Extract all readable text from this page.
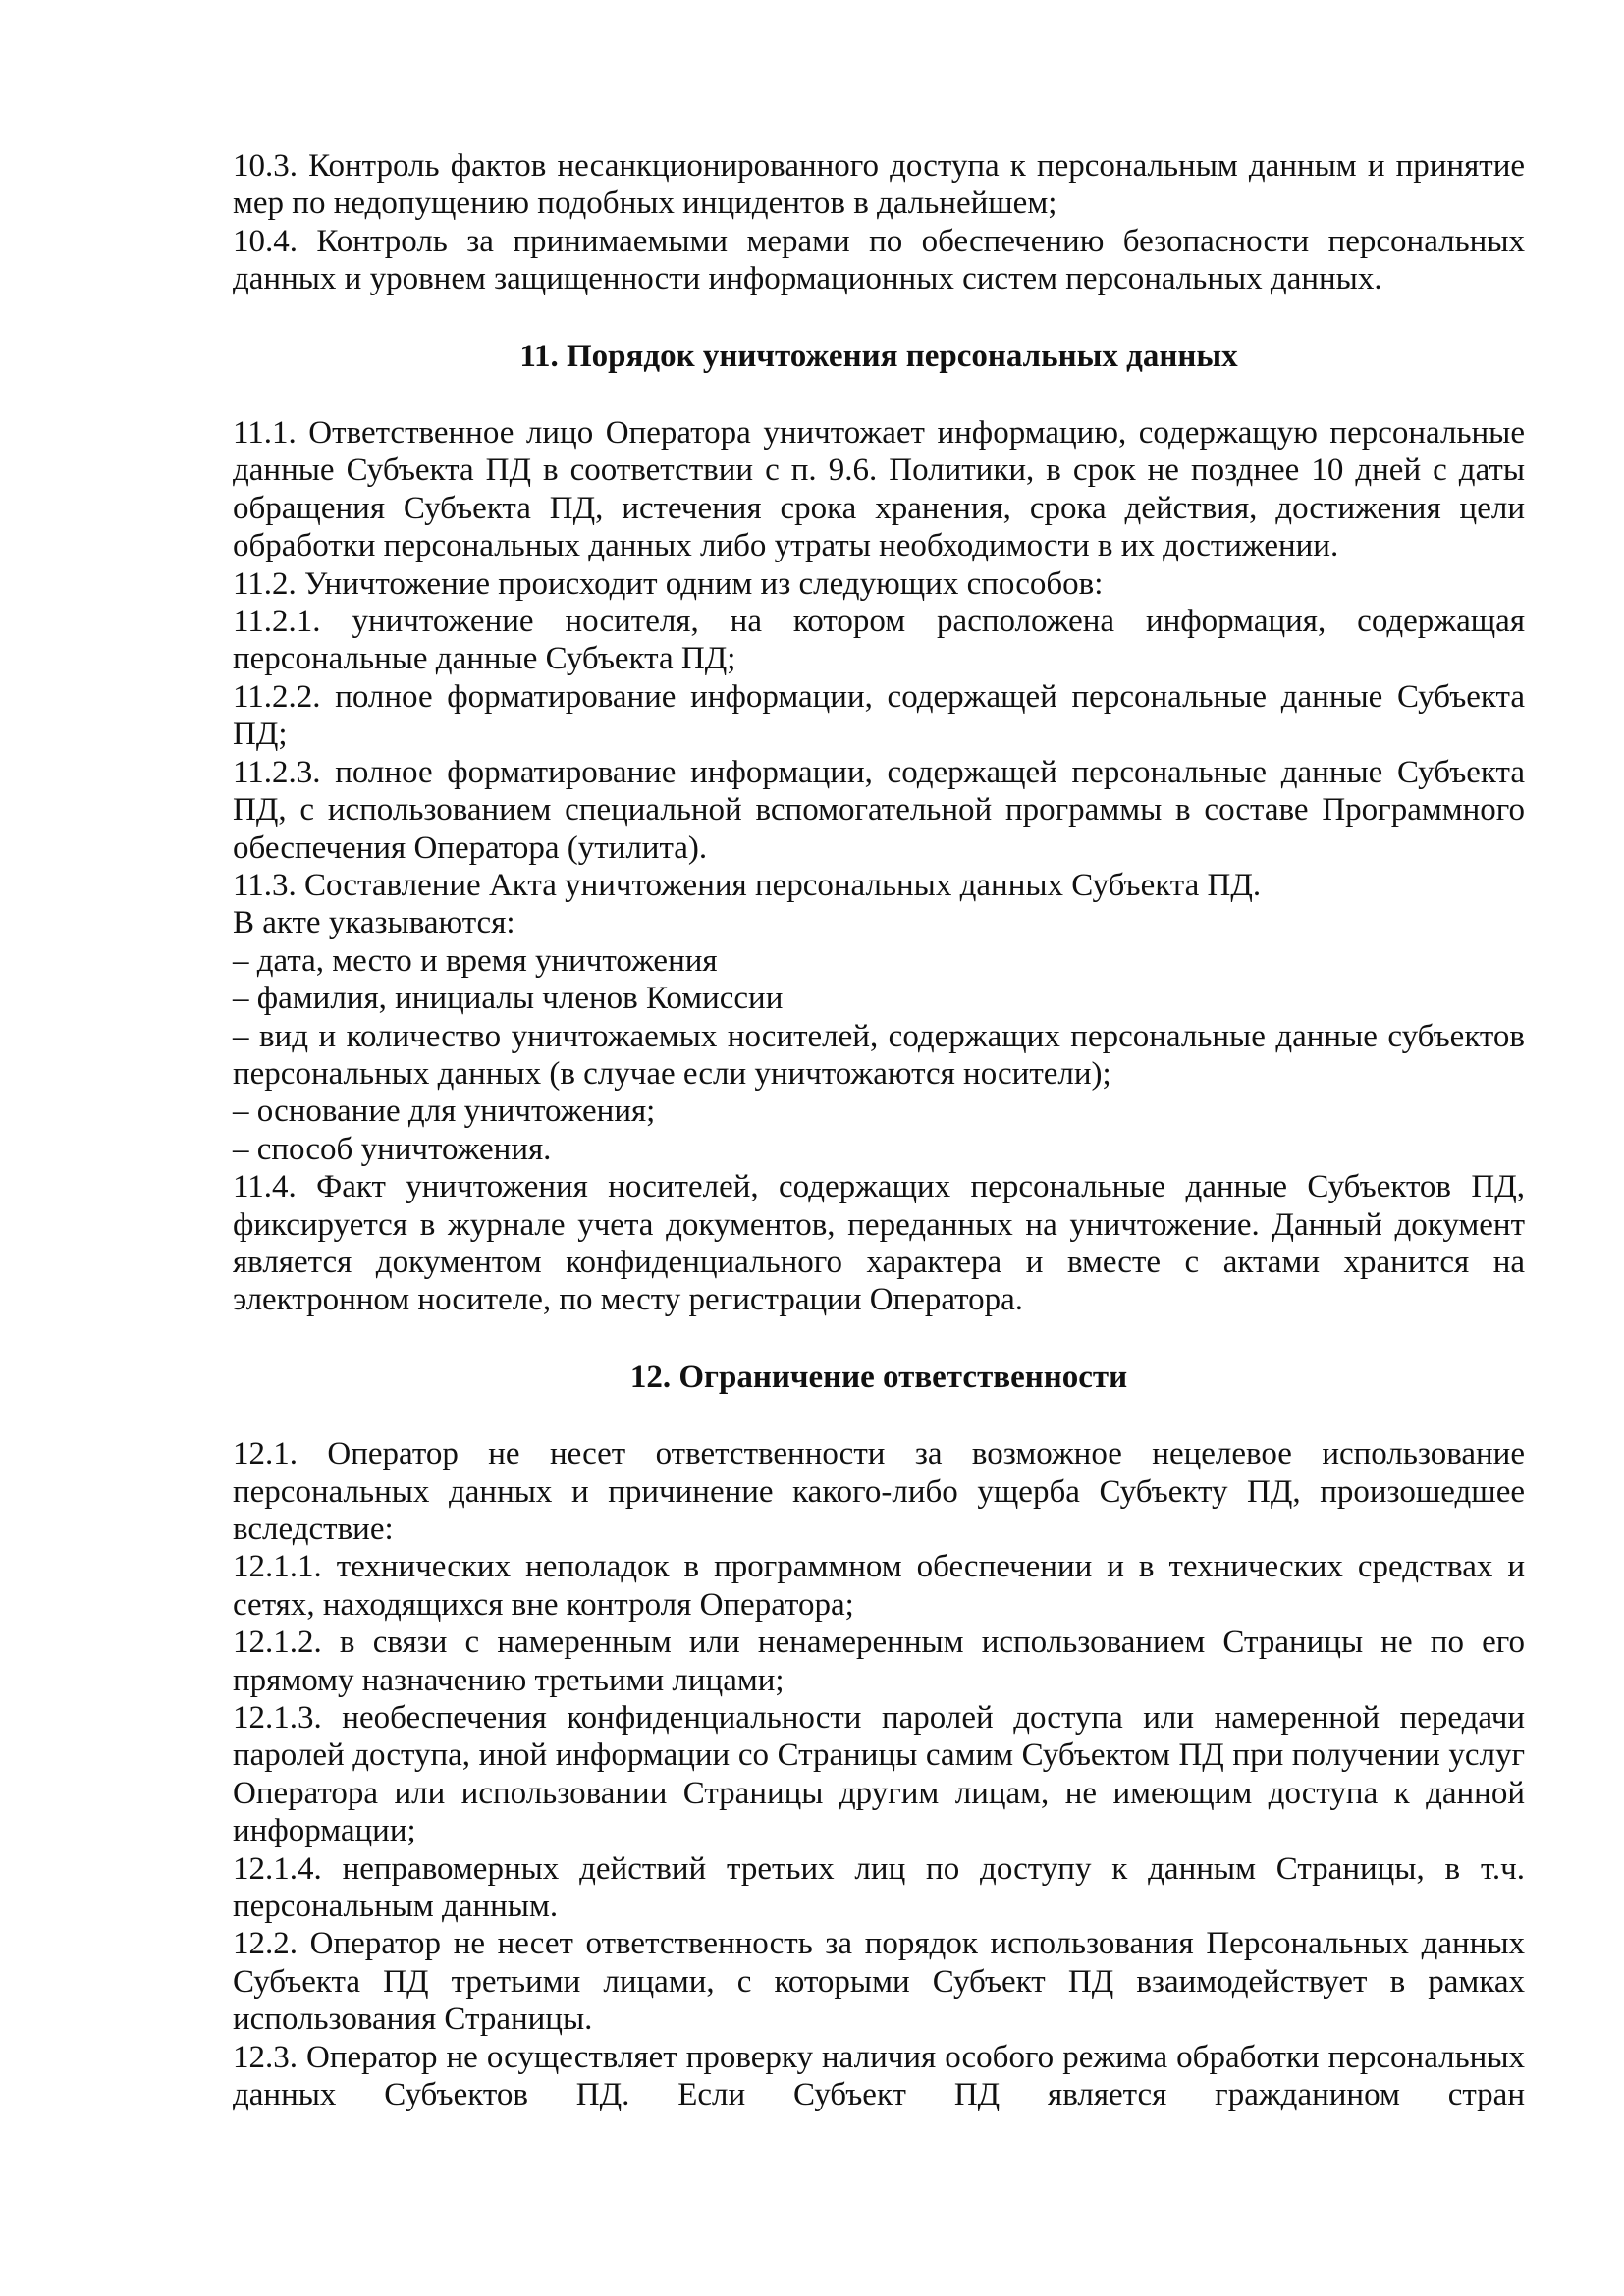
10.3. Контроль фактов несанкционированного доступа к персональным данным и принятие мер по недопущению подобных инцидентов в дальнейшем;

10.4. Контроль за принимаемыми мерами по обеспечению безопасности персональных данных и уровнем защищенности информационных систем персональных данных.

11. Порядок уничтожения персональных данных

11.1. Ответственное лицо Оператора уничтожает информацию, содержащую персональные данные Субъекта ПД в соответствии с п. 9.6. Политики, в срок не позднее 10 дней с даты обращения Субъекта ПД, истечения срока хранения, срока действия, достижения цели обработки персональных данных либо утраты необходимости в их достижении.

11.2. Уничтожение происходит одним из следующих способов:

11.2.1. уничтожение носителя, на котором расположена информация, содержащая персональные данные Субъекта ПД;

11.2.2. полное форматирование информации, содержащей персональные данные Субъекта ПД;

11.2.3. полное форматирование информации, содержащей персональные данные Субъекта ПД, с использованием специальной вспомогательной программы в составе Программного обеспечения Оператора (утилита).

11.3. Составление Акта уничтожения персональных данных Субъекта ПД.

В акте указываются:

– дата, место и время уничтожения

– фамилия, инициалы членов Комиссии

– вид и количество уничтожаемых носителей, содержащих персональные данные субъектов персональных данных (в случае если уничтожаются носители);

– основание для уничтожения;

– способ уничтожения.

11.4. Факт уничтожения носителей, содержащих персональные данные Субъектов ПД, фиксируется в журнале учета документов, переданных на уничтожение. Данный документ является документом конфиденциального характера и вместе с актами хранится на электронном носителе, по месту регистрации Оператора.

12. Ограничение ответственности

12.1. Оператор не несет ответственности за возможное нецелевое использование персональных данных и причинение какого-либо ущерба Субъекту ПД, произошедшее вследствие:

12.1.1. технических неполадок в программном обеспечении и в технических средствах и сетях, находящихся вне контроля Оператора;

12.1.2. в связи с намеренным или ненамеренным использованием Страницы не по его прямому назначению третьими лицами;

12.1.3. необеспечения конфиденциальности паролей доступа или намеренной передачи паролей доступа, иной информации со Страницы самим Субъектом ПД при получении услуг Оператора или использовании Страницы другим лицам, не имеющим доступа к данной информации;

12.1.4. неправомерных действий третьих лиц по доступу к данным Страницы, в т.ч. персональным данным.

12.2. Оператор не несет ответственность за порядок использования Персональных данных Субъекта ПД третьими лицами, с которыми Субъект ПД взаимодействует в рамках использования Страницы.

12.3. Оператор не осуществляет проверку наличия особого режима обработки персональных данных Субъектов ПД. Если Субъект ПД является гражданином стран
